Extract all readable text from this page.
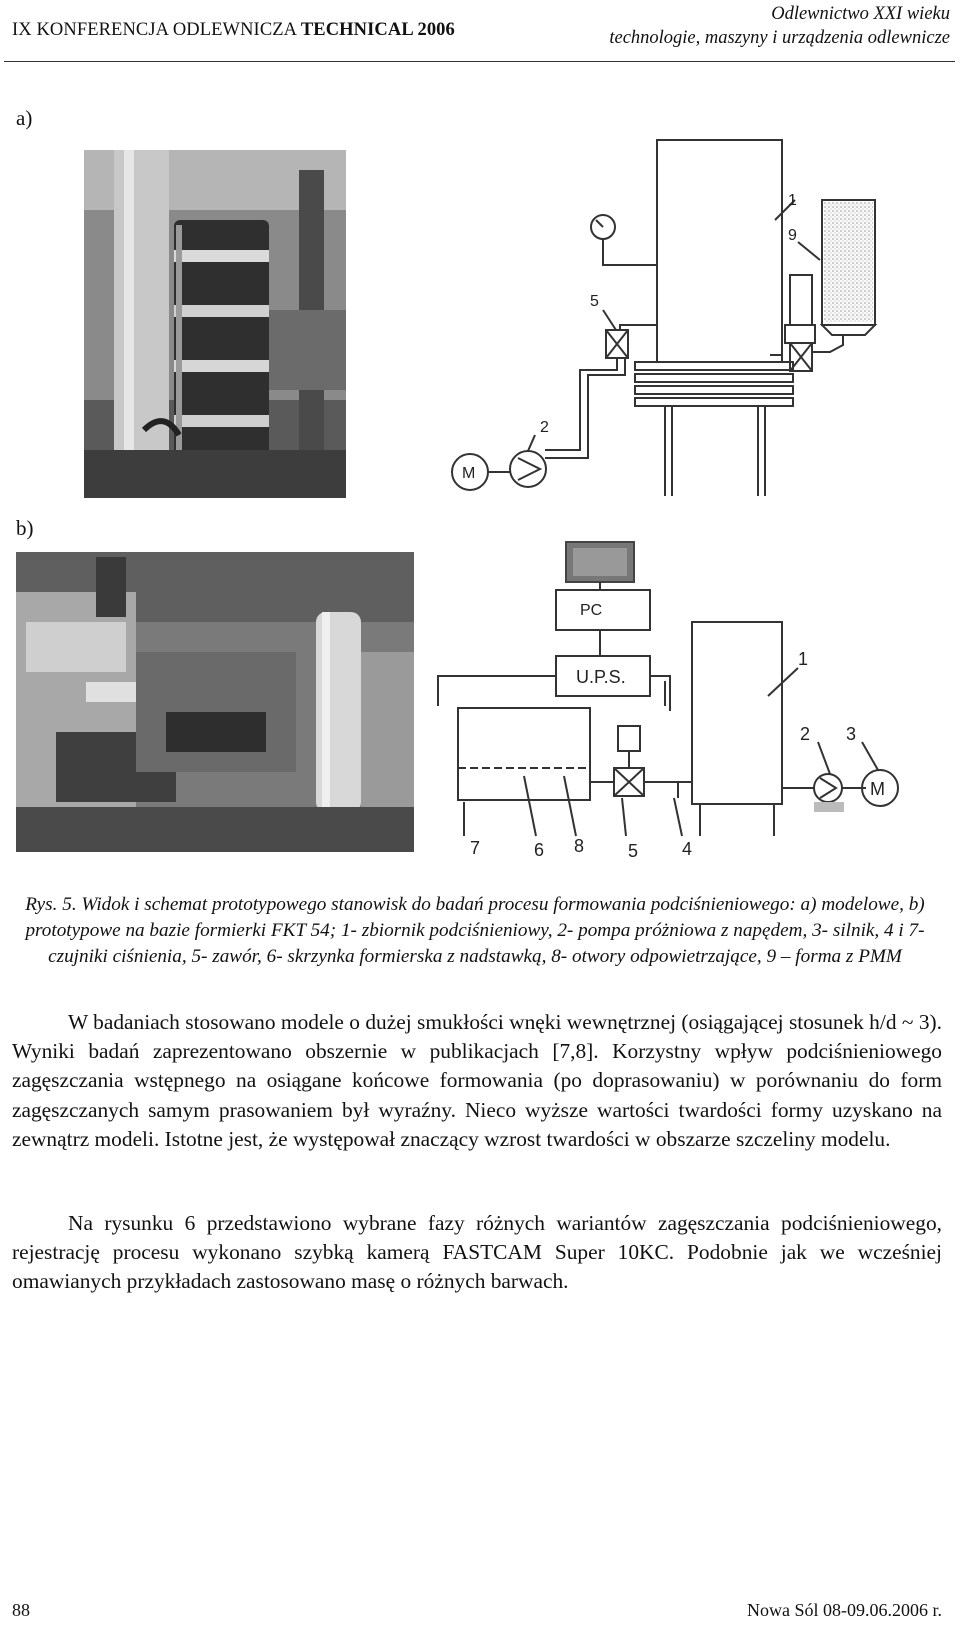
IX KONFERENCJA ODLEWNICZA TECHNICAL 2006
Odlewnictwo XXI wieku
technologie, maszyny i urządzenia odlewnicze
a)
b)
1
9
5
2
M
PC
U.P.S.
1
2 3
M
7	6 8 5 4
Rys. 5. Widok i schemat prototypowego stanowisk do badań procesu formowania podciśnieniowego: a) modelowe, b) prototypowe na bazie formierki FKT 54; 1- zbiornik podciśnieniowy, 2- pompa próżniowa z napędem, 3- silnik, 4 i 7- czujniki ciśnienia, 5- zawór, 6- skrzynka formierska z nadstawką, 8- otwory odpowietrzające, 9 – forma z PMM
W badaniach stosowano modele o dużej smukłości wnęki wewnętrznej (osiągającej stosunek h/d ~ 3). Wyniki badań zaprezentowano obszernie w publikacjach [7,8]. Korzystny wpływ podciśnieniowego zagęszczania wstępnego na osiągane końcowe formowania (po doprasowaniu) w porównaniu do form zagęszczanych samym prasowaniem był wyraźny. Nieco wyższe wartości twardości formy uzyskano na zewnątrz modeli. Istotne jest, że występował znaczący wzrost twardości w obszarze szczeliny modelu.
Na rysunku 6 przedstawiono wybrane fazy różnych wariantów zagęszczania podciśnieniowego, rejestrację procesu wykonano szybką kamerą FASTCAM Super 10KC. Podobnie jak we wcześniej omawianych przykładach zastosowano masę o różnych barwach.
88	Nowa Sól 08-09.06.2006 r.
